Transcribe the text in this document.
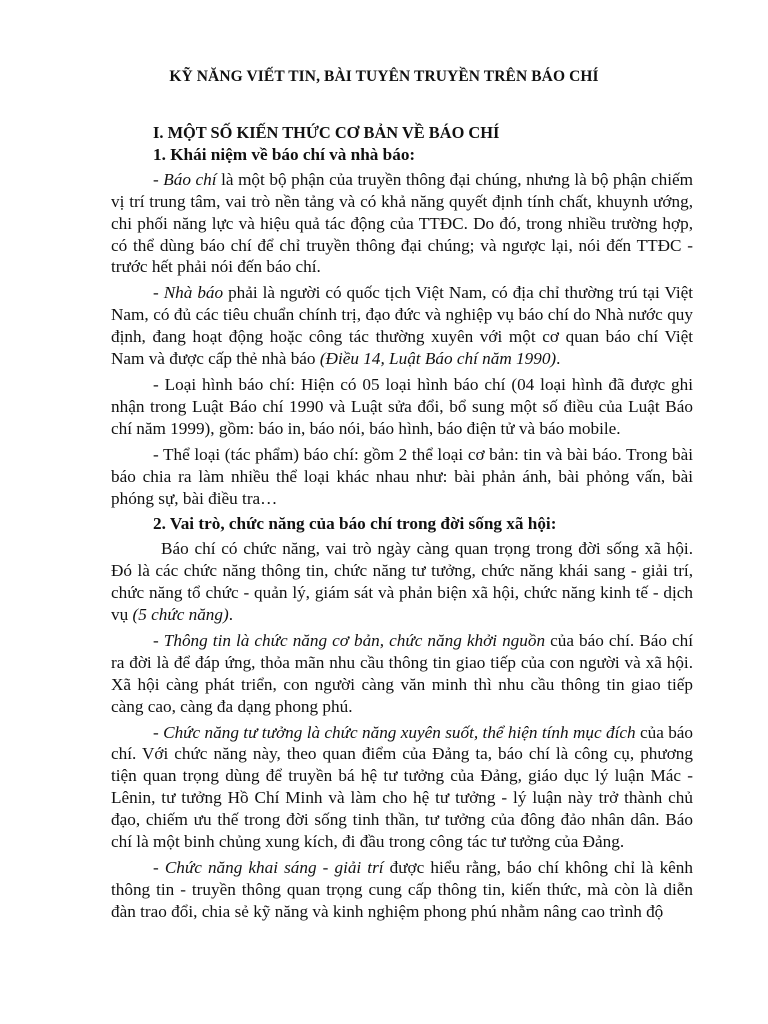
KỸ NĂNG VIẾT TIN, BÀI TUYÊN TRUYỀN TRÊN BÁO CHÍ

I. MỘT SỐ KIẾN THỨC CƠ BẢN VỀ BÁO CHÍ

1. Khái niệm về báo chí và nhà báo:

- Báo chí là một bộ phận của truyền thông đại chúng, nhưng là bộ phận chiếm vị trí trung tâm, vai trò nền tảng và có khả năng quyết định tính chất, khuynh ướng, chi phối năng lực và hiệu quả tác động của TTĐC. Do đó, trong nhiều trường hợp, có thể dùng báo chí để chỉ truyền thông đại chúng; và ngược lại, nói đến TTĐC - trước hết phải nói đến báo chí.

- Nhà báo phải là người có quốc tịch Việt Nam, có địa chỉ thường trú tại Việt Nam, có đủ các tiêu chuẩn chính trị, đạo đức và nghiệp vụ báo chí do Nhà nước quy định, đang hoạt động hoặc công tác thường xuyên với một cơ quan báo chí Việt Nam và được cấp thẻ nhà báo (Điều 14, Luật Báo chí năm 1990).

- Loại hình báo chí: Hiện có 05 loại hình báo chí (04 loại hình đã được ghi nhận trong Luật Báo chí 1990 và Luật sửa đổi, bổ sung một số điều của Luật Báo chí năm 1999), gồm: báo in, báo nói, báo hình, báo điện tử và báo mobile.

- Thể loại (tác phẩm) báo chí: gồm 2 thể loại cơ bản: tin và bài báo. Trong bài báo chia ra làm nhiều thể loại khác nhau như: bài phản ánh, bài phỏng vấn, bài phóng sự, bài điều tra…

2. Vai trò, chức năng của báo chí trong đời sống xã hội:

Báo chí có chức năng, vai trò ngày càng quan trọng trong đời sống xã hội. Đó là các chức năng thông tin, chức năng tư tưởng, chức năng khái sang - giải trí, chức năng tổ chức - quản lý, giám sát và phản biện xã hội, chức năng kinh tế - dịch vụ (5 chức năng).

- Thông tin là chức năng cơ bản, chức năng khởi nguồn của báo chí. Báo chí ra đời là để đáp ứng, thỏa mãn nhu cầu thông tin giao tiếp của con người và xã hội. Xã hội càng phát triển, con người càng văn minh thì nhu cầu thông tin giao tiếp càng cao, càng đa dạng phong phú.

- Chức năng tư tưởng là chức năng xuyên suốt, thể hiện tính mục đích của báo chí. Với chức năng này, theo quan điểm của Đảng ta, báo chí là công cụ, phương tiện quan trọng dùng để truyền bá hệ tư tưởng của Đảng, giáo dục lý luận Mác - Lênin, tư tưởng Hồ Chí Minh và làm cho hệ tư tưởng - lý luận này trở thành chủ đạo, chiếm ưu thế trong đời sống tinh thần, tư tưởng của đông đảo nhân dân. Báo chí là một binh chủng xung kích, đi đầu trong công tác tư tưởng của Đảng.

- Chức năng khai sáng - giải trí được hiểu rằng, báo chí không chỉ là kênh thông tin - truyền thông quan trọng cung cấp thông tin, kiến thức, mà còn là diễn đàn trao đổi, chia sẻ kỹ năng và kinh nghiệm phong phú nhằm nâng cao trình độ
